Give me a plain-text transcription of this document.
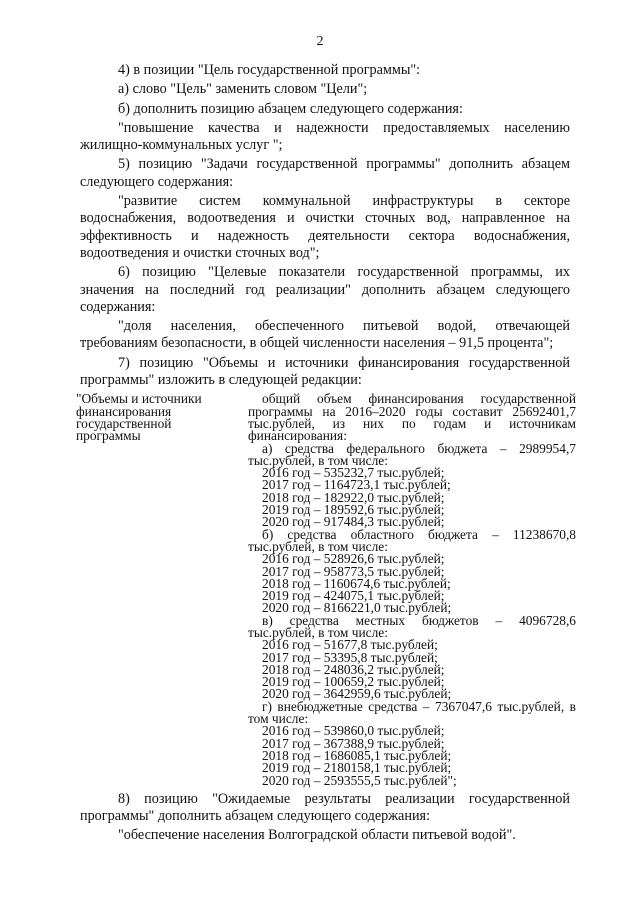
2

4) в позиции "Цель государственной программы":

а) слово "Цель" заменить словом "Цели";

б) дополнить позицию абзацем следующего содержания:

"повышение качества и надежности предоставляемых населению жилищно-коммунальных услуг ";

5) позицию "Задачи государственной программы" дополнить абзацем следующего содержания:

"развитие систем коммунальной инфраструктуры в секторе водоснабжения, водоотведения и очистки сточных вод, направленное на эффективность и надежность деятельности сектора водоснабжения, водоотведения и очистки сточных вод";

6) позицию "Целевые показатели государственной программы, их значения на последний год реализации" дополнить абзацем следующего содержания:

"доля населения, обеспеченного питьевой водой, отвечающей требованиям безопасности, в общей численности населения – 91,5 процента";

7) позицию "Объемы и источники финансирования государственной программы" изложить в следующей редакции:

"Объемы и источники финансирования государственной программы

общий объем финансирования государственной программы на 2016–2020 годы составит 25692401,7 тыс.рублей, из них по годам и источникам финансирования:

а) средства федерального бюджета – 2989954,7 тыс.рублей, в том числе:

2016 год – 535232,7 тыс.рублей;

2017 год – 1164723,1 тыс.рублей;

2018 год – 182922,0 тыс.рублей;

2019 год – 189592,6 тыс.рублей;

2020 год – 917484,3 тыс.рублей;

б) средства областного бюджета – 11238670,8 тыс.рублей, в том числе:

2016 год – 528926,6 тыс.рублей;

2017 год – 958773,5 тыс.рублей;

2018 год – 1160674,6 тыс.рублей;

2019 год – 424075,1 тыс.рублей;

2020 год – 8166221,0 тыс.рублей;

в) средства местных бюджетов – 4096728,6 тыс.рублей, в том числе:

2016 год – 51677,8 тыс.рублей;

2017 год – 53395,8 тыс.рублей;

2018 год – 248036,2 тыс.рублей;

2019 год – 100659,2 тыс.рублей;

2020 год – 3642959,6 тыс.рублей;

г) внебюджетные средства – 7367047,6 тыс.рублей, в том числе:

2016 год – 539860,0 тыс.рублей;

2017 год – 367388,9 тыс.рублей;

2018 год – 1686085,1 тыс.рублей;

2019 год – 2180158,1 тыс.рублей;

2020 год – 2593555,5 тыс.рублей";

8) позицию "Ожидаемые результаты реализации государственной программы" дополнить абзацем следующего содержания:

"обеспечение населения Волгоградской области питьевой водой".
